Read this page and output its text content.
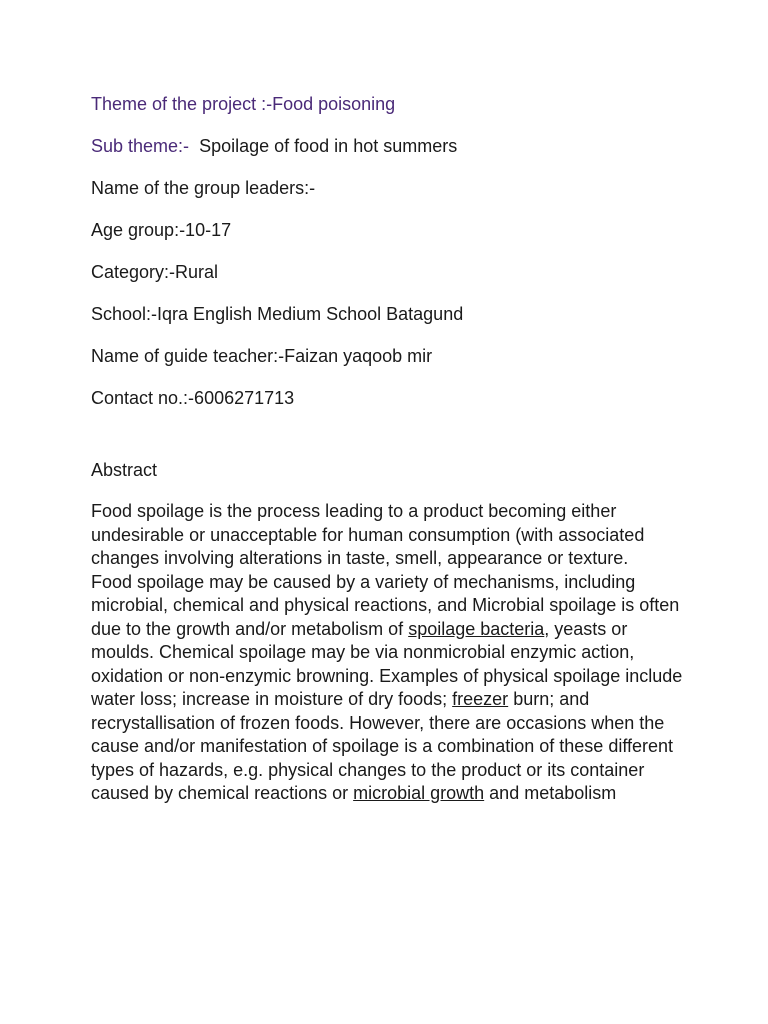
Theme of the project :-Food poisoning
Sub theme:- Spoilage of food in hot summers
Name of the group leaders:-
Age group:-10-17
Category:-Rural
School:-Iqra English Medium School Batagund
Name of guide teacher:-Faizan yaqoob mir
Contact no.:-6006271713
Abstract

Food spoilage is the process leading to a product becoming either undesirable or unacceptable for human consumption (with associated changes involving alterations in taste, smell, appearance or texture.

Food spoilage may be caused by a variety of mechanisms, including microbial, chemical and physical reactions, and Microbial spoilage is often due to the growth and/or metabolism of spoilage bacteria, yeasts or moulds. Chemical spoilage may be via nonmicrobial enzymic action, oxidation or non-enzymic browning. Examples of physical spoilage include water loss; increase in moisture of dry foods; freezer burn; and recrystallisation of frozen foods. However, there are occasions when the cause and/or manifestation of spoilage is a combination of these different types of hazards, e.g. physical changes to the product or its container caused by chemical reactions or microbial growth and metabolism
